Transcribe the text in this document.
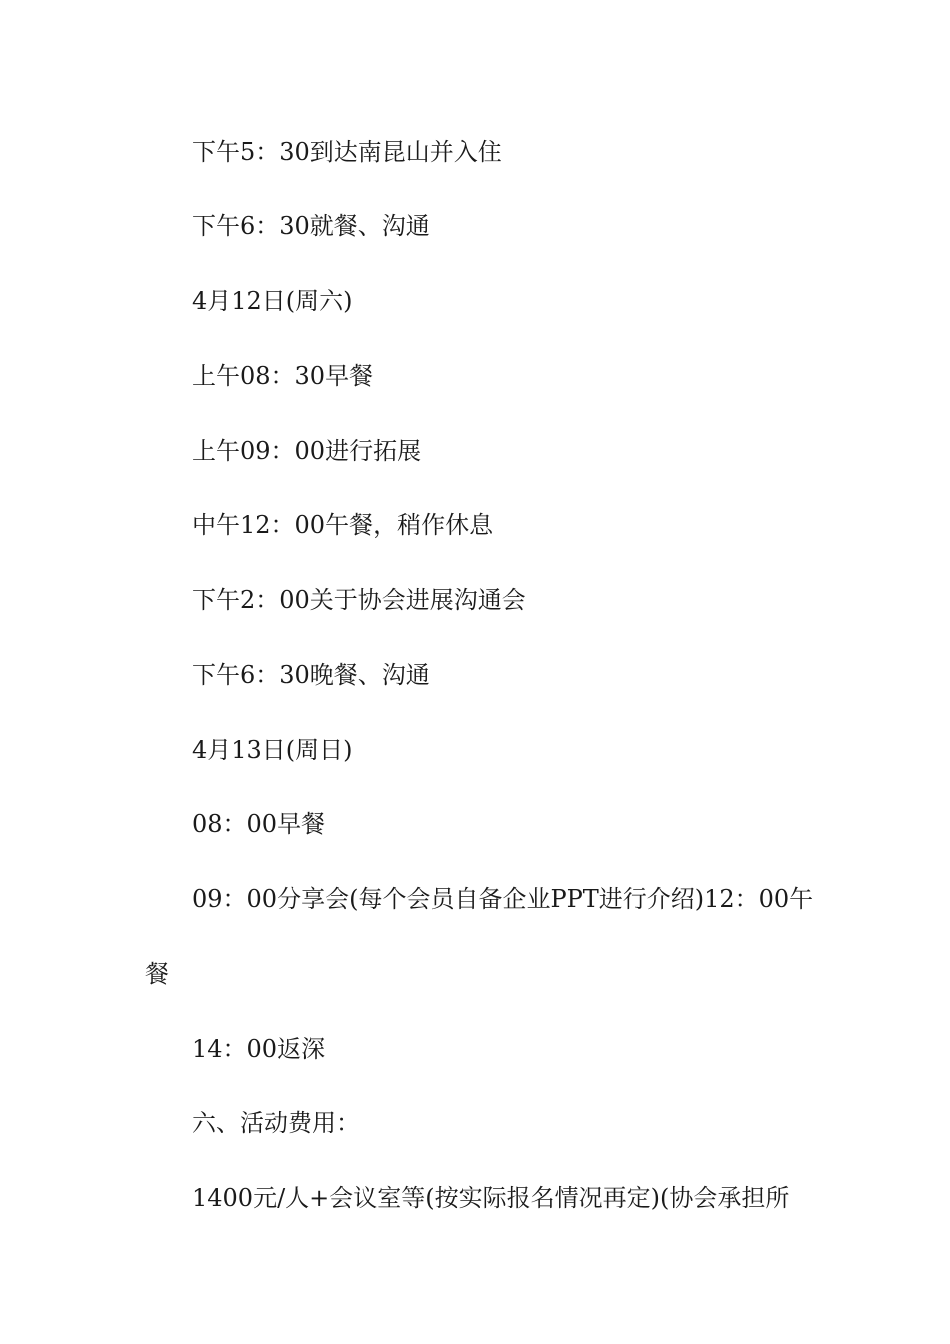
下午5：30到达南昆山并入住
下午6：30就餐、沟通
4月12日(周六)
上午08：30早餐
上午09：00进行拓展
中午12：00午餐，稍作休息
下午2：00关于协会进展沟通会
下午6：30晚餐、沟通
4月13日(周日)
08：00早餐
09：00分享会(每个会员自备企业PPT进行介绍)12：00午
餐
14：00返深
六、活动费用：
1400元/人+会议室等(按实际报名情况再定)(协会承担所
